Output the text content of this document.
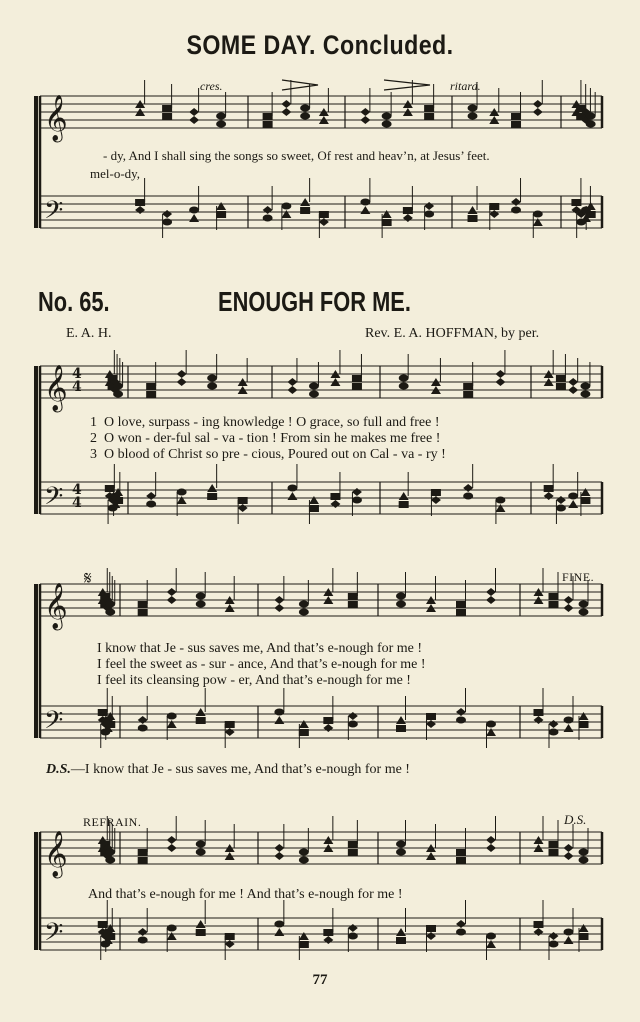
SOME DAY. Concluded.
cres.	ritard.
- dy, And I shall sing the songs so sweet, Of rest and heav’n, at Jesus’ feet.
mel-o-dy,
No. 65.	ENOUGH FOR ME.
E. A. H.	Rev. E. A. HOFFMAN, by per.
1 O love, surpass - ing knowledge ! O grace, so full and free !
2 O won - der-ful sal - va - tion ! From sin he makes me free !
3 O blood of Christ so pre - cious, Poured out on Cal - va - ry !
FINE.
I know that Je - sus saves me, And that’s e-nough for me !
I feel the sweet as - sur - ance, And that’s e-nough for me !
I feel its cleansing pow - er, And that’s e-nough for me !
D.S.—I know that Je - sus saves me, And that’s e-nough for me !
REFRAIN.	D.S.
And that’s e-nough for me ! And that’s e-nough for me !
77
𝄞
𝄢
𝄞
𝄢
4
4
4
4
𝄞
𝄢
𝄋
𝄞
𝄢
